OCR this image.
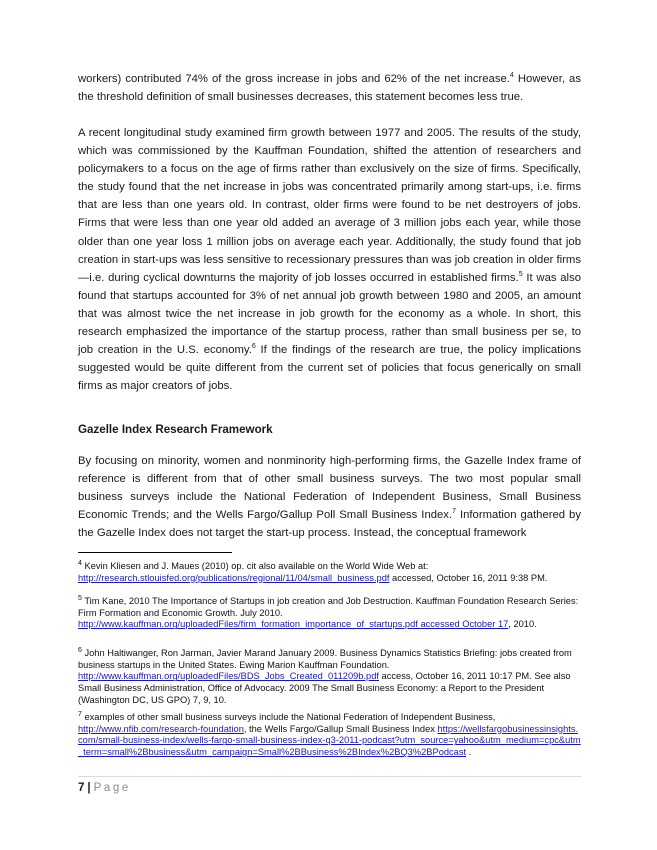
workers) contributed 74% of the gross increase in jobs and 62% of the net increase.$^4$ However, as the threshold definition of small businesses decreases, this statement becomes less true.

A recent longitudinal study examined firm growth between 1977 and 2005. The results of the study, which was commissioned by the Kauffman Foundation, shifted the attention of researchers and policymakers to a focus on the age of firms rather than exclusively on the size of firms. Specifically, the study found that the net increase in jobs was concentrated primarily among start-ups, i.e. firms that are less than one years old. In contrast, older firms were found to be net destroyers of jobs. Firms that were less than one year old added an average of 3 million jobs each year, while those older than one year loss 1 million jobs on average each year. Additionally, the study found that job creation in start-ups was less sensitive to recessionary pressures than was job creation in older firms—i.e. during cyclical downturns the majority of job losses occurred in established firms.$^5$ It was also found that startups accounted for 3% of net annual job growth between 1980 and 2005, an amount that was almost twice the net increase in job growth for the economy as a whole. In short, this research emphasized the importance of the startup process, rather than small business per se, to job creation in the U.S. economy.$^6$ If the findings of the research are true, the policy implications suggested would be quite different from the current set of policies that focus generically on small firms as major creators of jobs.

Gazelle Index Research Framework

By focusing on minority, women and nonminority high-performing firms, the Gazelle Index frame of reference is different from that of other small business surveys. The two most popular small business surveys include the National Federation of Independent Business, Small Business Economic Trends; and the Wells Fargo/Gallup Poll Small Business Index.$^7$ Information gathered by the Gazelle Index does not target the start-up process. Instead, the conceptual framework

$^4$ Kevin Kliesen and J. Maues (2010) op. cit also available on the World Wide Web at: http://research.stlouisfed.org/publications/regional/11/04/small_business.pdf accessed, October 16, 2011 9:38 PM.

$^5$ Tim Kane, 2010 The Importance of Startups in job creation and Job Destruction. Kauffman Foundation Research Series: Firm Formation and Economic Growth. July 2010. http://www.kauffman.org/uploadedFiles/firm_formation_importance_of_startups.pdf accessed October 17, 2010.

$^6$ John Haltiwanger, Ron Jarman, Javier Marand January 2009. Business Dynamics Statistics Briefing: jobs created from business startups in the United States. Ewing Marion Kauffman Foundation. http://www.kauffman.org/uploadedFiles/BDS_Jobs_Created_011209b.pdf access, October 16, 2011 10:17 PM. See also Small Business Administration, Office of Advocacy. 2009 The Small Business Economy: a Report to the President (Washington DC, US GPO) 7, 9, 10.

$^7$ examples of other small business surveys include the National Federation of Independent Business, http://www.nfib.com/research-foundation, the Wells Fargo/Gallup Small Business Index https://wellsfargobusinessinsights.com/small-business-index/wells-fargo-small-business-index-q3-2011-podcast?utm_source=yahoo&utm_medium=cpc&utm_term=small%2Bbusiness&utm_campaign=Small%2BBusiness%2BIndex%2BQ3%2BPodcast .

7 | Page
